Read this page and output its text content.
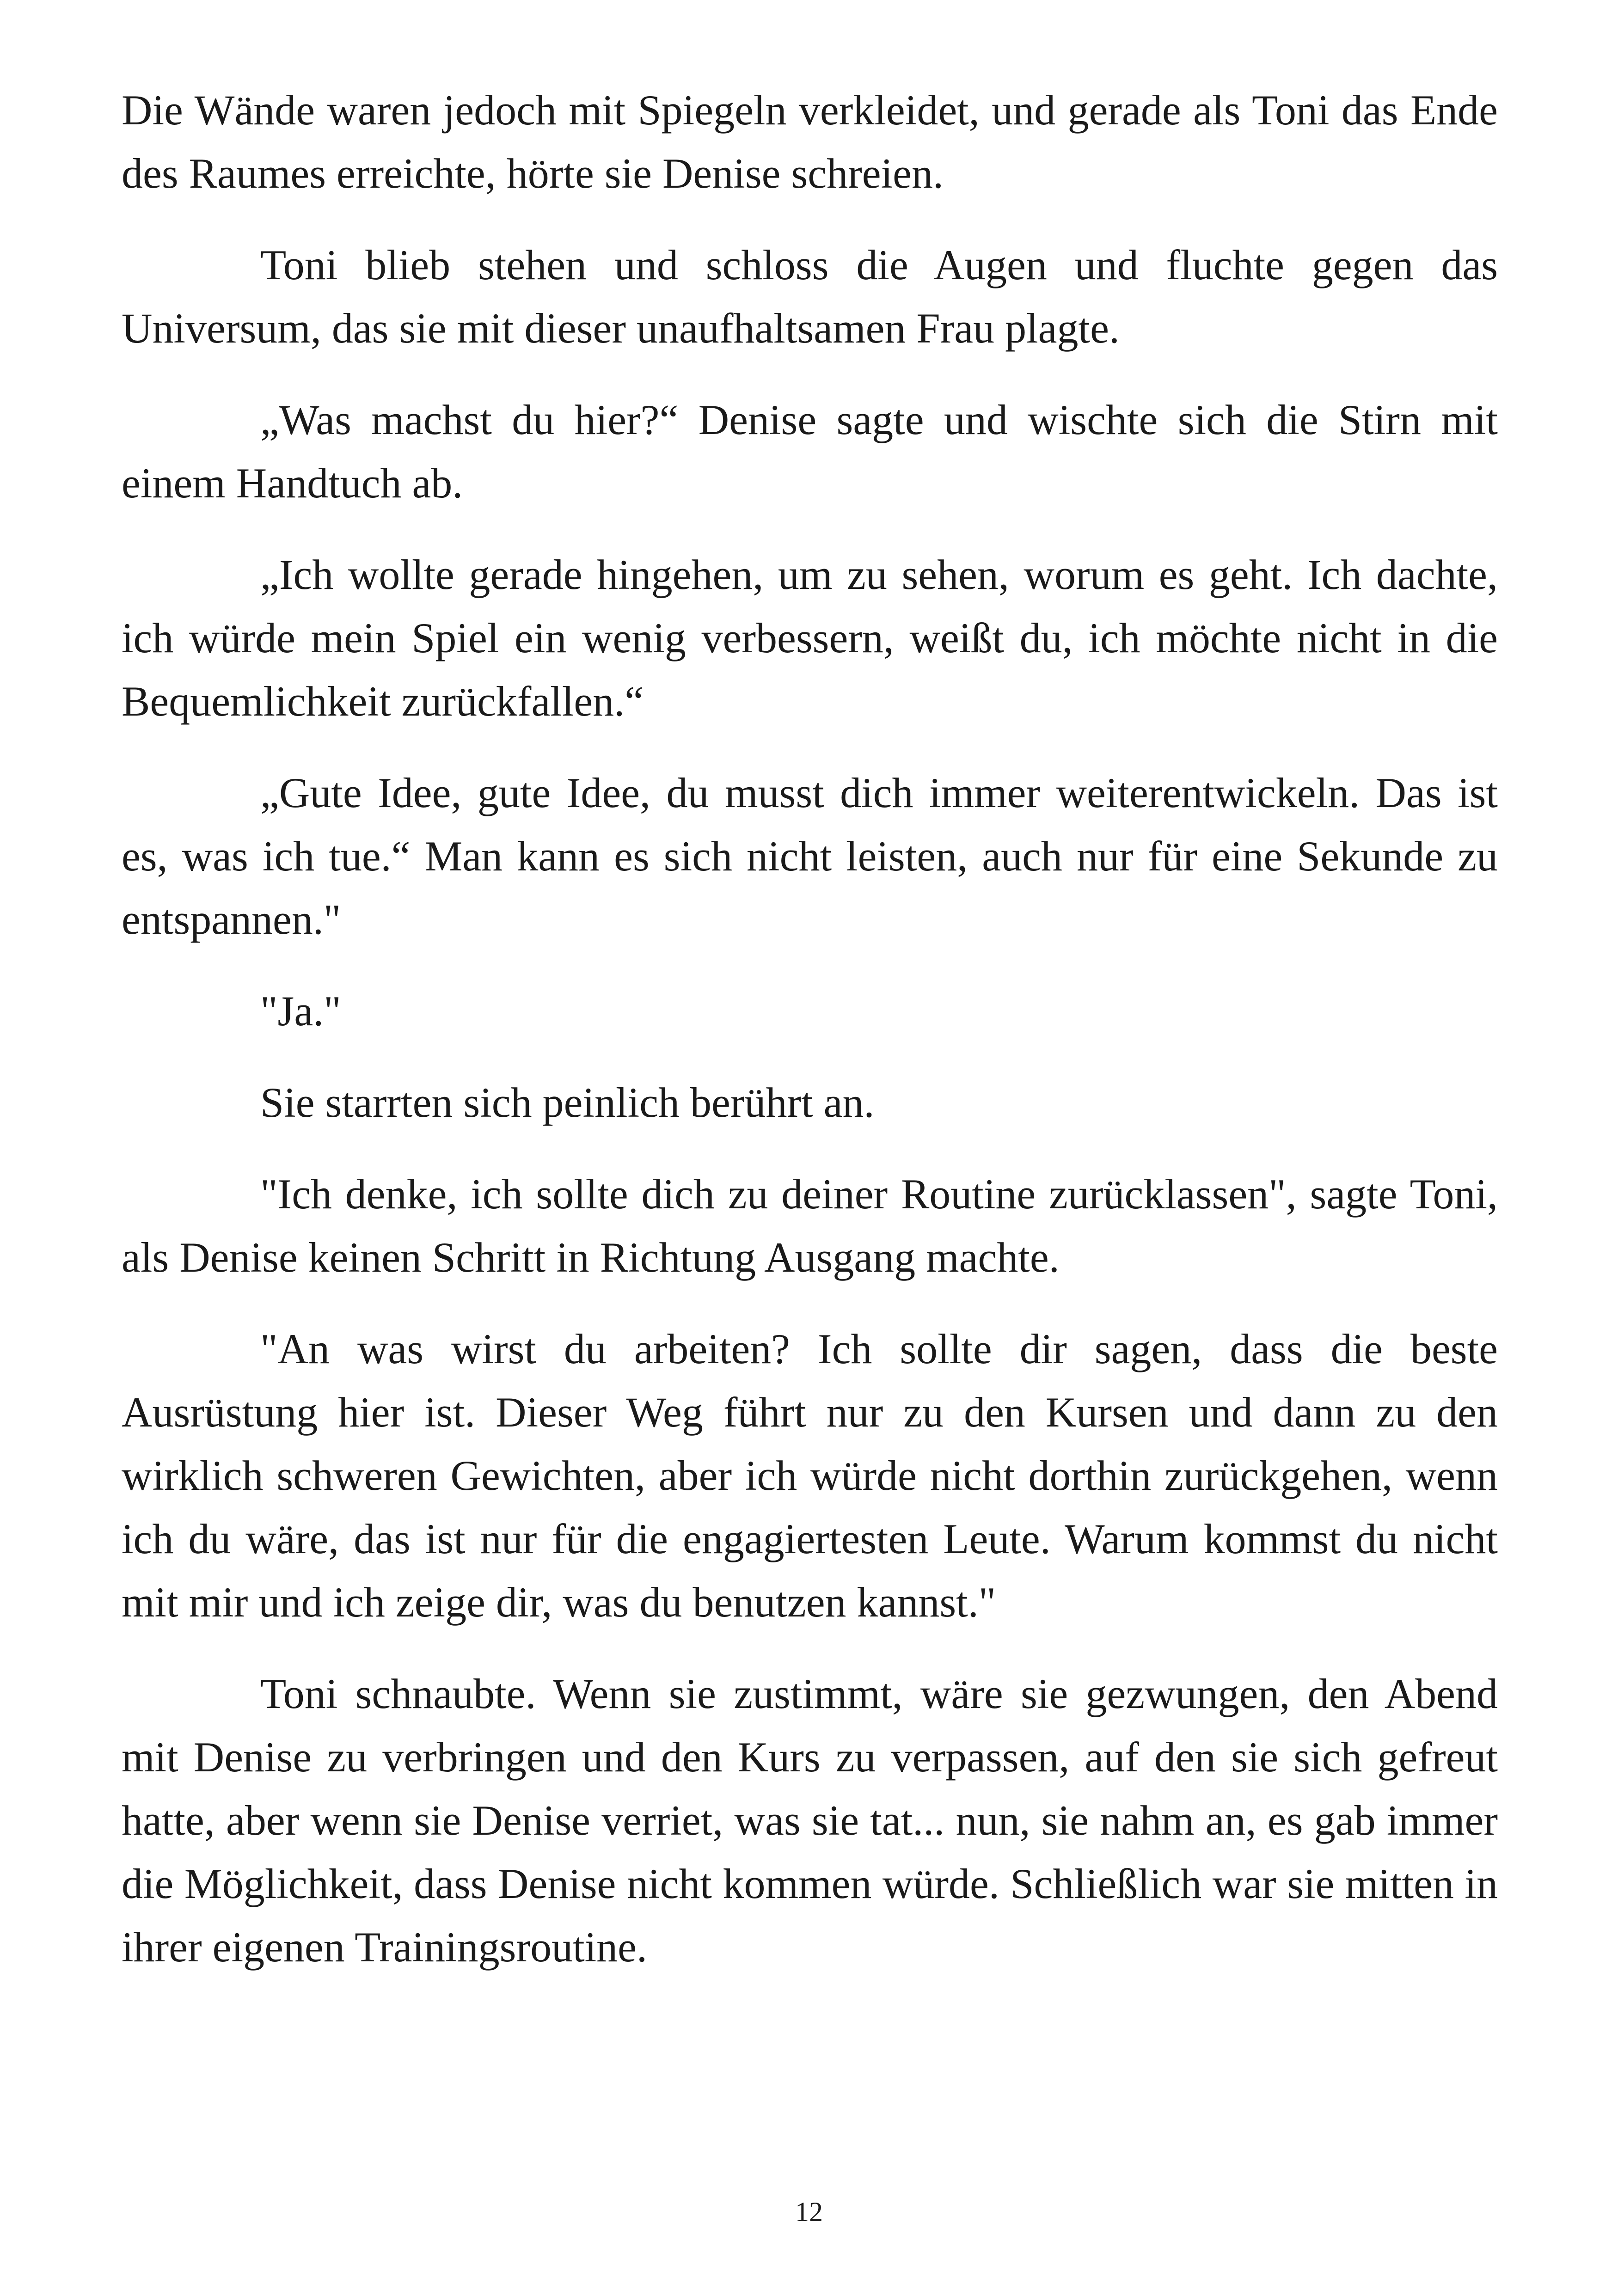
Die Wände waren jedoch mit Spiegeln verkleidet, und gerade als Toni das Ende des Raumes erreichte, hörte sie Denise schreien.

Toni blieb stehen und schloss die Augen und fluchte gegen das Universum, das sie mit dieser unaufhaltsamen Frau plagte.

„Was machst du hier?“ Denise sagte und wischte sich die Stirn mit einem Handtuch ab.

„Ich wollte gerade hingehen, um zu sehen, worum es geht. Ich dachte, ich würde mein Spiel ein wenig verbessern, weißt du, ich möchte nicht in die Bequemlichkeit zurückfallen.“

„Gute Idee, gute Idee, du musst dich immer weiterentwickeln. Das ist es, was ich tue.“ Man kann es sich nicht leisten, auch nur für eine Sekunde zu entspannen."

"Ja."

Sie starrten sich peinlich berührt an.

"Ich denke, ich sollte dich zu deiner Routine zurücklassen", sagte Toni, als Denise keinen Schritt in Richtung Ausgang machte.

"An was wirst du arbeiten? Ich sollte dir sagen, dass die beste Ausrüstung hier ist. Dieser Weg führt nur zu den Kursen und dann zu den wirklich schweren Gewichten, aber ich würde nicht dorthin zurückgehen, wenn ich du wäre, das ist nur für die engagiertesten Leute. Warum kommst du nicht mit mir und ich zeige dir, was du benutzen kannst."

Toni schnaubte. Wenn sie zustimmt, wäre sie gezwungen, den Abend mit Denise zu verbringen und den Kurs zu verpassen, auf den sie sich gefreut hatte, aber wenn sie Denise verriet, was sie tat... nun, sie nahm an, es gab immer die Möglichkeit, dass Denise nicht kommen würde. Schließlich war sie mitten in ihrer eigenen Trainingsroutine.

12
